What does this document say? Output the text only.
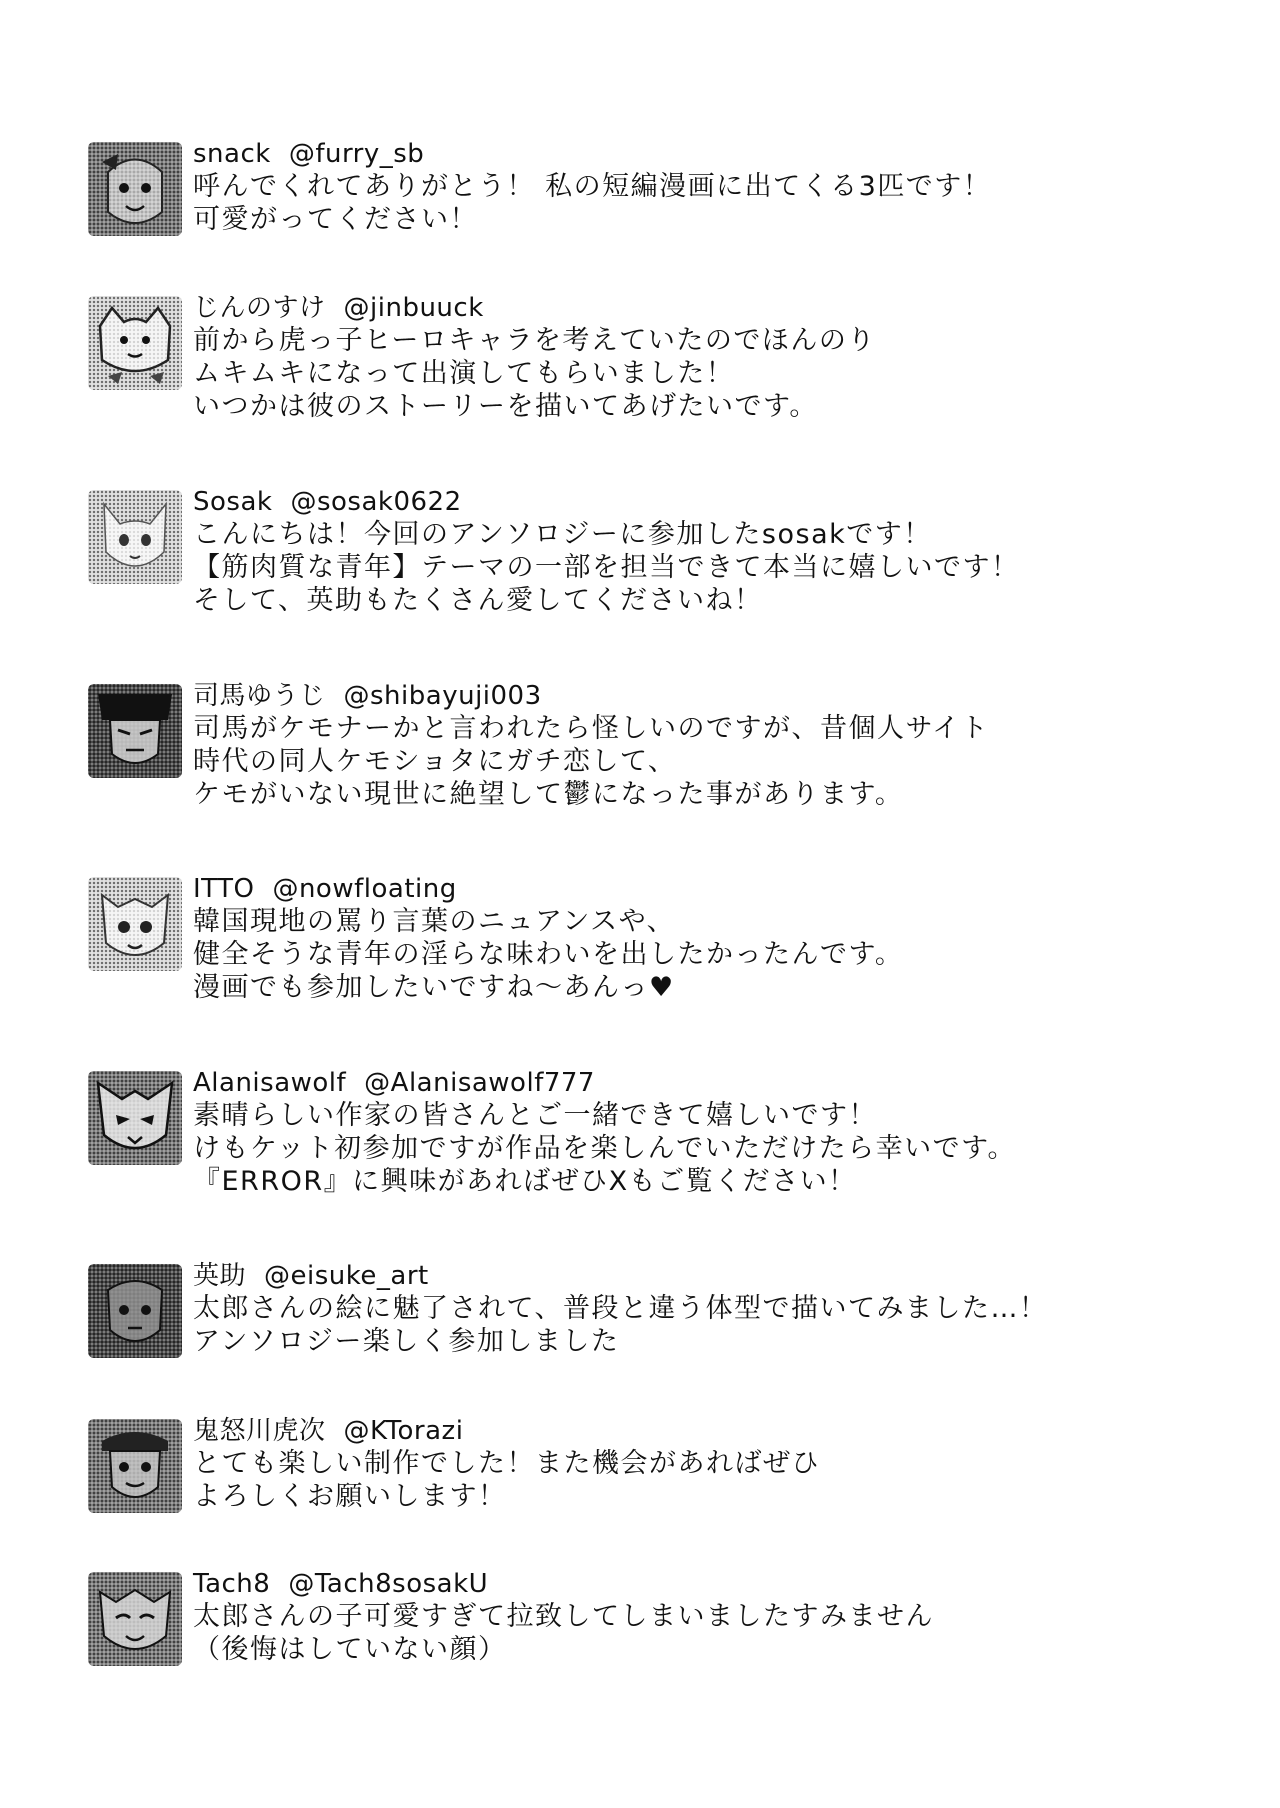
snack @furry_sb
呼んでくれてありがとう！ 私の短編漫画に出てくる3匹です！
可愛がってください！
じんのすけ @jinbuuck
前から虎っ子ヒーロキャラを考えていたのでほんのり
ムキムキになって出演してもらいました！
いつかは彼のストーリーを描いてあげたいです。
Sosak @sosak0622
こんにちは！今回のアンソロジーに参加したsosakです！
【筋肉質な青年】テーマの一部を担当できて本当に嬉しいです！
そして、英助もたくさん愛してくださいね！
司馬ゆうじ @shibayuji003
司馬がケモナーかと言われたら怪しいのですが、昔個人サイト
時代の同人ケモショタにガチ恋して、
ケモがいない現世に絶望して鬱になった事があります。
ITTO @nowfloating
韓国現地の罵り言葉のニュアンスや、
健全そうな青年の淫らな味わいを出したかったんです。
漫画でも参加したいですね～あんっ♥
Alanisawolf @Alanisawolf777
素晴らしい作家の皆さんとご一緒できて嬉しいです！
けもケット初参加ですが作品を楽しんでいただけたら幸いです。
『ERROR』に興味があればぜひXもご覧ください！
英助 @eisuke_art
太郎さんの絵に魅了されて、普段と違う体型で描いてみました…！
アンソロジー楽しく参加しました
鬼怒川虎次 @KTorazi
とても楽しい制作でした！また機会があればぜひ
よろしくお願いします！
Tach8 @Tach8sosakU
太郎さんの子可愛すぎて拉致してしまいましたすみません
（後悔はしていない顔）
